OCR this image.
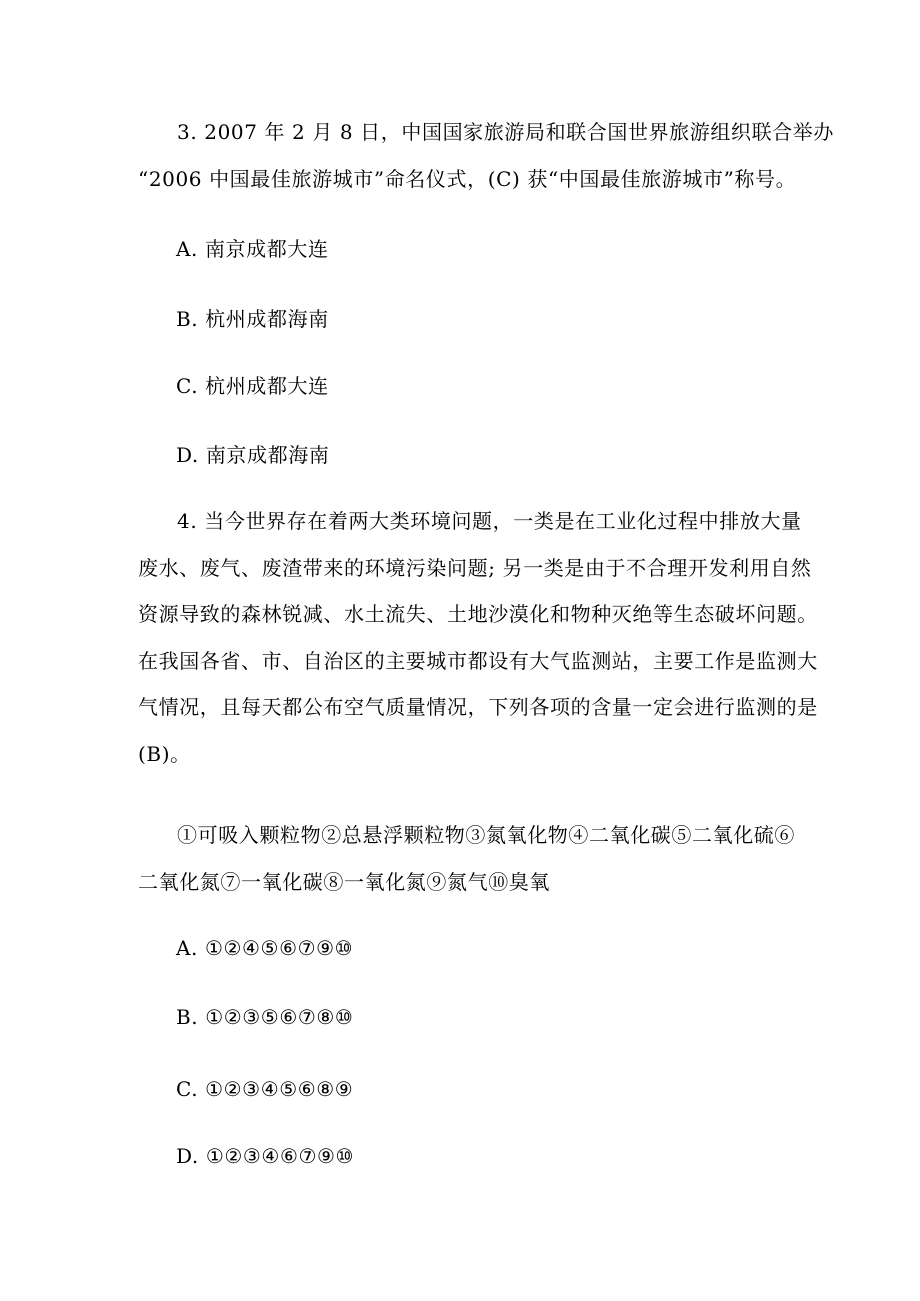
3. 2007 年 2 月 8 日，中国国家旅游局和联合国世界旅游组织联合举办
“2006 中国最佳旅游城市”命名仪式，(C) 获“中国最佳旅游城市”称号。

A. 南京成都大连

B. 杭州成都海南

C. 杭州成都大连

D. 南京成都海南

4. 当今世界存在着两大类环境问题，一类是在工业化过程中排放大量
废水、废气、废渣带来的环境污染问题; 另一类是由于不合理开发利用自然
资源导致的森林锐减、水土流失、土地沙漠化和物种灭绝等生态破坏问题。
在我国各省、市、自治区的主要城市都设有大气监测站，主要工作是监测大
气情况，且每天都公布空气质量情况，下列各项的含量一定会进行监测的是
(B)。
①可吸入颗粒物②总悬浮颗粒物③氮氧化物④二氧化碳⑤二氧化硫⑥
二氧化氮⑦一氧化碳⑧一氧化氮⑨氮气⑩臭氧

A. ①②④⑤⑥⑦⑨⑩

B. ①②③⑤⑥⑦⑧⑩

C. ①②③④⑤⑥⑧⑨

D. ①②③④⑥⑦⑨⑩
